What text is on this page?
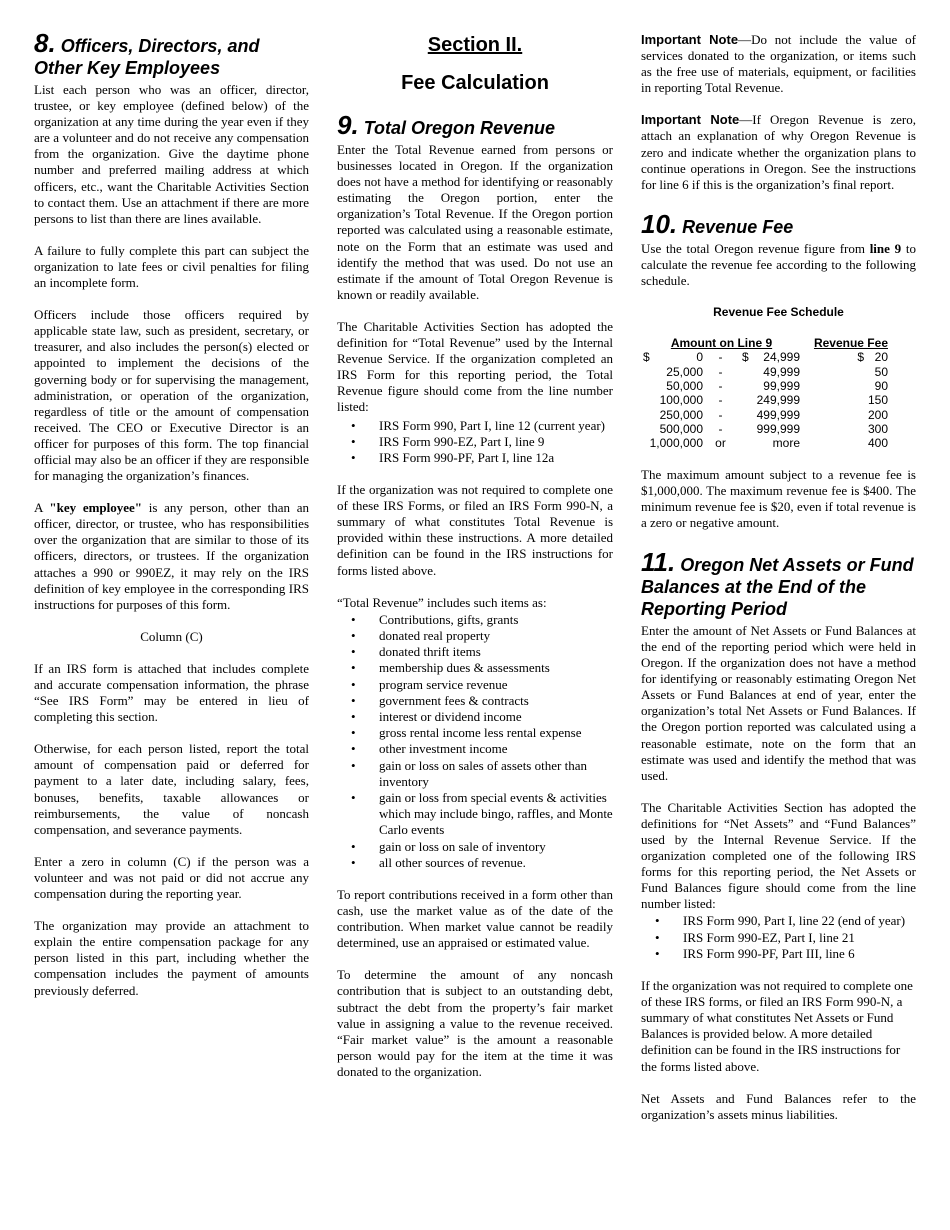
8. Officers, Directors, and Other Key Employees

List each person who was an officer, director, trustee, or key employee (defined below) of the organization at any time during the year even if they are a volunteer and do not receive any compensation from the organization. Give the daytime phone number and preferred mailing address at which officers, etc., want the Charitable Activities Section to contact them. Use an attachment if there are more persons to list than there are lines available.

A failure to fully complete this part can subject the organization to late fees or civil penalties for filing an incomplete form.

Officers include those officers required by applicable state law, such as president, secretary, or treasurer, and also includes the person(s) elected or appointed to implement the decisions of the governing body or for supervising the management, administration, or operation of the organization, regardless of title or the amount of compensation received. The CEO or Executive Director is an officer for purposes of this form. The top financial official may also be an officer if they are responsible for managing the organization’s finances.

A "key employee" is any person, other than an officer, director, or trustee, who has responsibilities over the organization that are similar to those of its officers, directors, or trustees. If the organization attaches a 990 or 990EZ, it may rely on the IRS definition of key employee in the corresponding IRS instructions for purposes of this form.

Column (C)

If an IRS form is attached that includes complete and accurate compensation information, the phrase “See IRS Form” may be entered in lieu of completing this section.

Otherwise, for each person listed, report the total amount of compensation paid or deferred for payment to a later date, including salary, fees, bonuses, benefits, taxable allowances or reimbursements, the value of noncash compensation, and severance payments.

Enter a zero in column (C) if the person was a volunteer and was not paid or did not accrue any compensation during the reporting year.

The organization may provide an attachment to explain the entire compensation package for any person listed in this part, including whether the compensation includes the payment of amounts previously deferred.

Section II.
Fee Calculation
9. Total Oregon Revenue

Enter the Total Revenue earned from persons or businesses located in Oregon. If the organization does not have a method for identifying or reasonably estimating the Oregon portion, enter the organization’s Total Revenue. If the Oregon portion reported was calculated using a reasonable estimate, note on the Form that an estimate was used and identify the method that was used. Do not use an estimate if the amount of Total Oregon Revenue is known or readily available.

The Charitable Activities Section has adopted the definition for “Total Revenue” used by the Internal Revenue Service. If the organization completed an IRS Form for this reporting period, the Total Revenue figure should come from the line number listed:

• IRS Form 990, Part I, line 12 (current year)
• IRS Form 990-EZ, Part I, line 9
• IRS Form 990-PF, Part I, line 12a

If the organization was not required to complete one of these IRS Forms, or filed an IRS Form 990-N, a summary of what constitutes Total Revenue is provided within these instructions. A more detailed definition can be found in the IRS instructions for forms listed above.

“Total Revenue” includes such items as:

• Contributions, gifts, grants
• donated real property
• donated thrift items
• membership dues & assessments
• program service revenue
• government fees & contracts
• interest or dividend income
• gross rental income less rental expense
• other investment income
• gain or loss on sales of assets other than inventory
• gain or loss from special events & activities which may include bingo, raffles, and Monte Carlo events
• gain or loss on sale of inventory
• all other sources of revenue.

To report contributions received in a form other than cash, use the market value as of the date of the contribution. When market value cannot be readily determined, use an appraised or estimated value.

To determine the amount of any noncash contribution that is subject to an outstanding debt, subtract the debt from the property’s fair market value in assigning a value to the revenue received. “Fair market value” is the amount a reasonable person would pay for the item at the time it was donated to the organization.

Important Note—Do not include the value of services donated to the organization, or items such as the free use of materials, equipment, or facilities in reporting Total Revenue.

Important Note—If Oregon Revenue is zero, attach an explanation of why Oregon Revenue is zero and indicate whether the organization plans to continue operations in Oregon. See the instructions for line 6 if this is the organization’s final report.

10. Revenue Fee

Use the total Oregon revenue figure from line 9 to calculate the revenue fee according to the following schedule.

Revenue Fee Schedule
Amount on Line 9			Revenue Fee

$ 0	-	$ 24,999	$ 20
25,000	-	49,999	50
50,000	-	99,999	90
100,000	-	249,999	150
250,000	-	499,999	200
500,000	-	999,999	300
1,000,000	or	more	400

The maximum amount subject to a revenue fee is $1,000,000. The maximum revenue fee is $400. The minimum revenue fee is $20, even if total revenue is a zero or negative amount.

11. Oregon Net Assets or Fund Balances at the End of the Reporting Period

Enter the amount of Net Assets or Fund Balances at the end of the reporting period which were held in Oregon. If the organization does not have a method for identifying or reasonably estimating Oregon Net Assets or Fund Balances at end of year, enter the organization’s total Net Assets or Fund Balances. If the Oregon portion reported was calculated using a reasonable estimate, note on the form that an estimate was used and identify the method that was used.

The Charitable Activities Section has adopted the definitions for “Net Assets” and “Fund Balances” used by the Internal Revenue Service. If the organization completed one of the following IRS forms for this reporting period, the Net Assets or Fund Balances figure should come from the line number listed:

• IRS Form 990, Part I, line 22 (end of year)
• IRS Form 990-EZ, Part I, line 21
• IRS Form 990-PF, Part III, line 6

If the organization was not required to complete one of these IRS forms, or filed an IRS Form 990-N, a summary of what constitutes Net Assets or Fund Balances is provided below. A more detailed definition can be found in the IRS instructions for the forms listed above.

Net Assets and Fund Balances refer to the organization’s assets minus liabilities.
